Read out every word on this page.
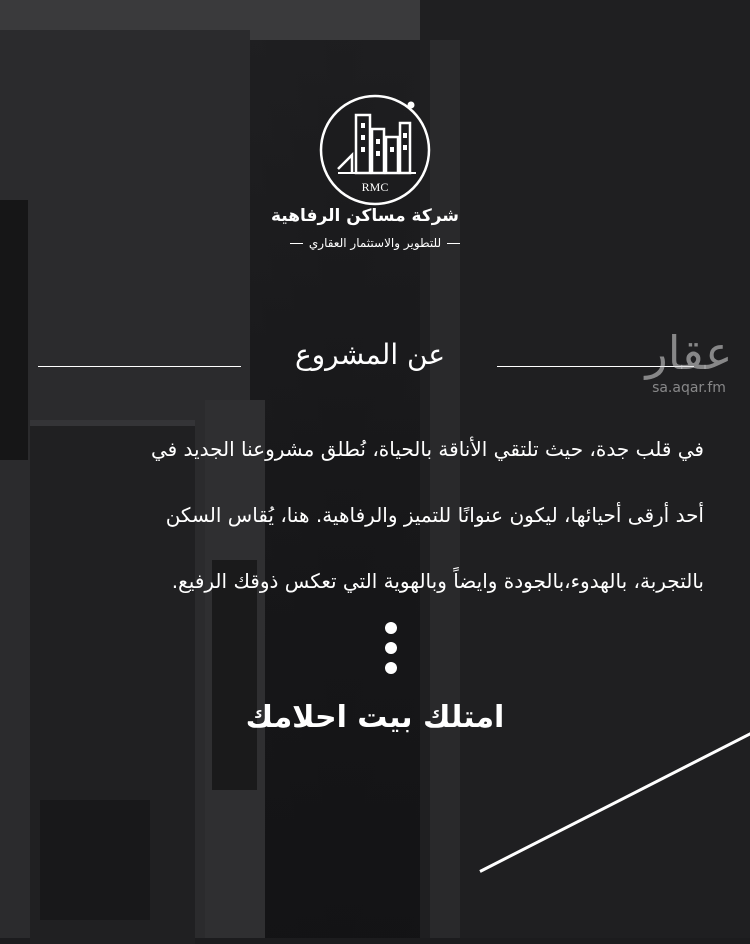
RMC
شركة مساكن الرفاهية
للتطوير والاستثمار العقاري
عن المشروع	عقار
sa.aqar.fm
في قلب جدة، حيث تلتقي الأناقة بالحياة، نُطلق مشروعنا الجديد في
أحد أرقى أحيائها، ليكون عنوانًا للتميز والرفاهية. هنا، يُقاس السكن
بالتجربة، بالهدوء،بالجودة وايضاً وبالهوية التي تعكس ذوقك الرفيع.
امتلك بيت احلامك
